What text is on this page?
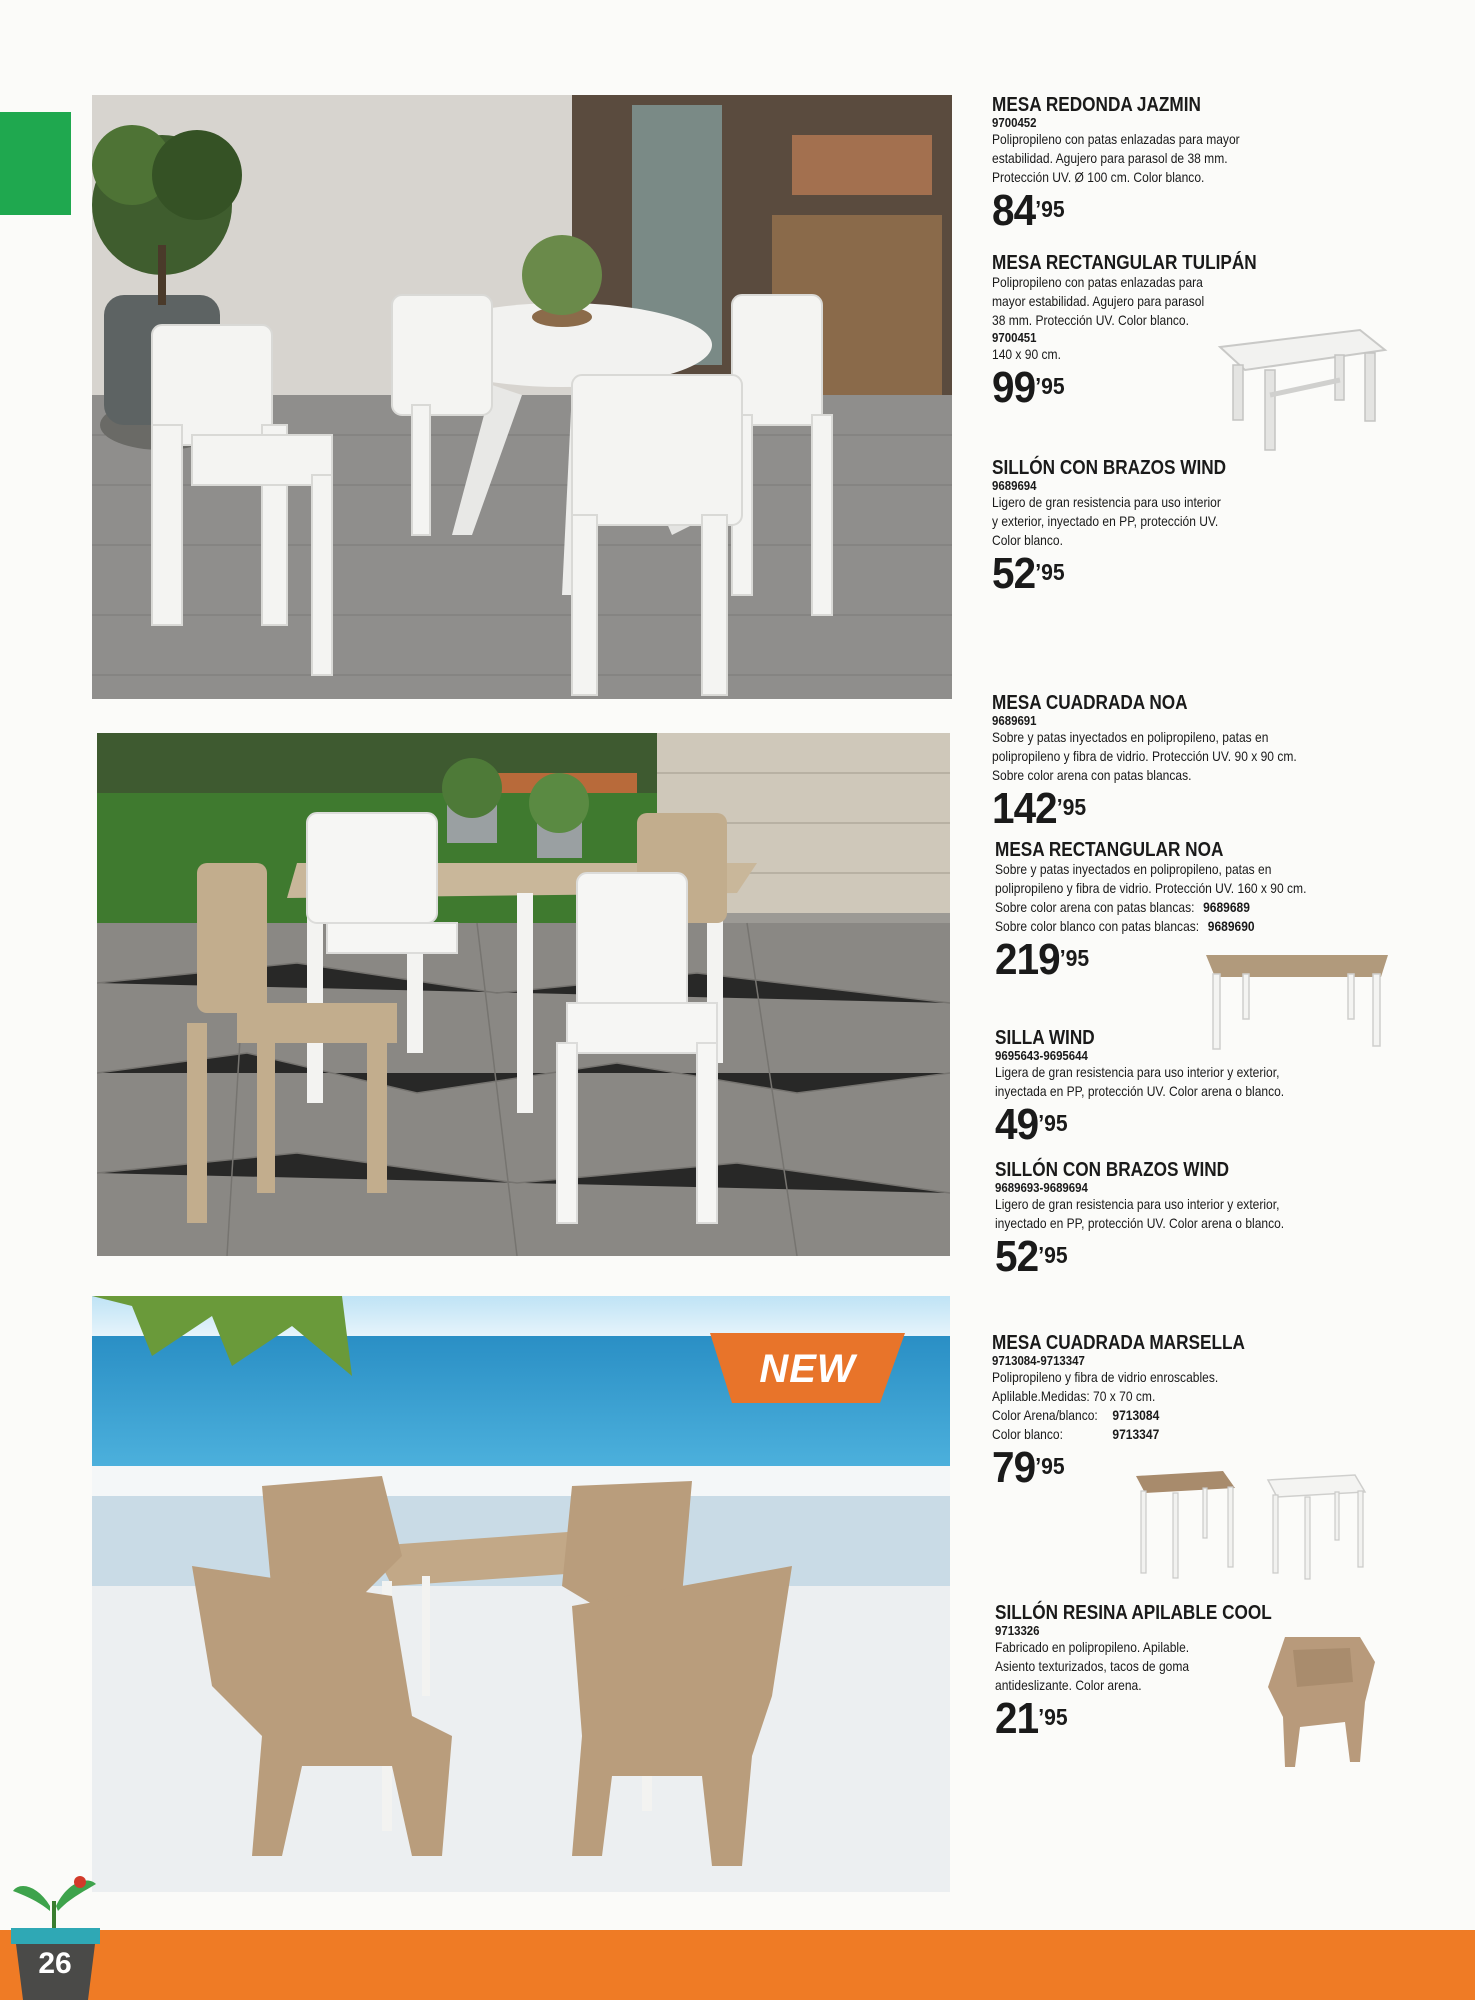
NEW
MESA REDONDA JAZMIN
9700452
Polipropileno con patas enlazadas para mayor
estabilidad. Agujero para parasol de 38 mm.
Protección UV. Ø 100 cm. Color blanco.
$84^{’95}$
MESA RECTANGULAR TULIPÁN
Polipropileno con patas enlazadas para
mayor estabilidad. Agujero para parasol
38 mm. Protección UV. Color blanco.
9700451
140 x 90 cm.
$99^{’95}$
SILLÓN CON BRAZOS WIND
9689694
Ligero de gran resistencia para uso interior
y exterior, inyectado en PP, protección UV.
Color blanco.
$52^{’95}$
MESA CUADRADA NOA
9689691
Sobre y patas inyectados en polipropileno, patas en
polipropileno y fibra de vidrio. Protección UV. 90 x 90 cm.
Sobre color arena con patas blancas.
$142^{’95}$
MESA RECTANGULAR NOA
Sobre y patas inyectados en polipropileno, patas en
polipropileno y fibra de vidrio. Protección UV. 160 x 90 cm.
Sobre color arena con patas blancas: 9689689
Sobre color blanco con patas blancas: 9689690
$219^{’95}$
SILLA WIND
9695643-9695644
Ligera de gran resistencia para uso interior y exterior,
inyectada en PP, protección UV. Color arena o blanco.
$49^{’95}$
SILLÓN CON BRAZOS WIND
9689693-9689694
Ligero de gran resistencia para uso interior y exterior,
inyectado en PP, protección UV. Color arena o blanco.
$52^{’95}$
MESA CUADRADA MARSELLA
9713084-9713347
Polipropileno y fibra de vidrio enroscables.
Aplilable.Medidas: 70 x 70 cm.
Color Arena/blanco: 9713084
Color blanco:	9713347
$79^{’95}$
SILLÓN RESINA APILABLE COOL
9713326
Fabricado en polipropileno. Apilable.
Asiento texturizados, tacos de goma
antideslizante. Color arena.
$21^{’95}$
26
